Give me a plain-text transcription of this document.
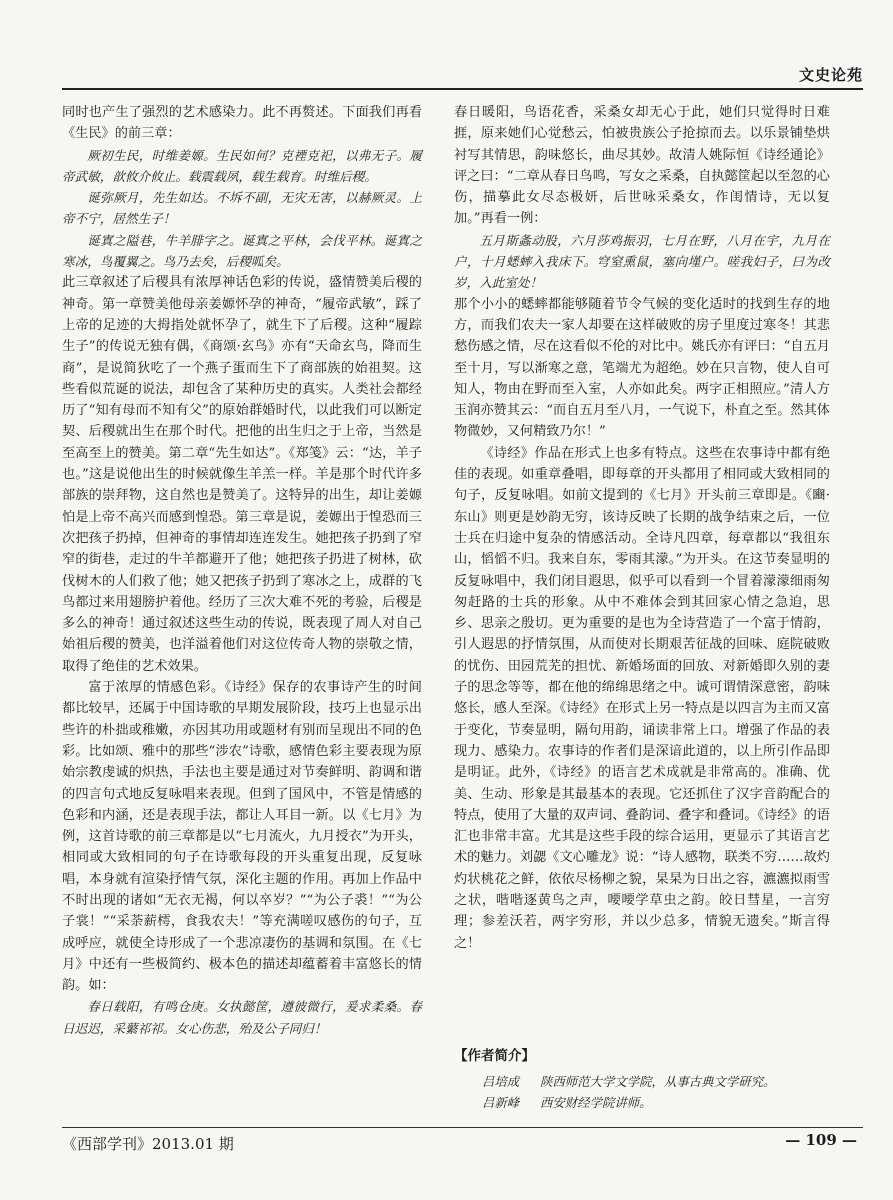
文史论苑

同时也产生了强烈的艺术感染力。此不再赘述。下面我们再看《生民》的前三章：

厥初生民，时维姜嫄。生民如何？克禋克祀，以弗无子。履帝武敏，歆攸介攸止。载震载夙，载生载育。时维后稷。

诞弥厥月，先生如达。不坼不副，无灾无害，以赫厥灵。上帝不宁，居然生子！

诞寘之隘巷，牛羊腓字之。诞寘之平林，会伐平林。诞寘之寒冰，鸟覆翼之。鸟乃去矣，后稷呱矣。

此三章叙述了后稷具有浓厚神话色彩的传说，盛情赞美后稷的神奇。第一章赞美他母亲姜嫄怀孕的神奇，“履帝武敏”，踩了上帝的足迹的大拇指处就怀孕了，就生下了后稷。这种“履踪生子”的传说无独有偶，《商颂·玄鸟》亦有“天命玄鸟，降而生商”，是说简狄吃了一个燕子蛋而生下了商部族的始祖契。这些看似荒诞的说法，却包含了某种历史的真实。人类社会都经历了“知有母而不知有父”的原始群婚时代，以此我们可以断定契、后稷就出生在那个时代。把他的出生归之于上帝，当然是至高至上的赞美。第二章“先生如达”。《郑笺》云：“达，羊子也。”这是说他出生的时候就像生羊羔一样。羊是那个时代许多部族的崇拜物，这自然也是赞美了。这特异的出生，却让姜嫄怕是上帝不高兴而感到惶恐。第三章是说，姜嫄出于惶恐而三次把孩子扔掉，但神奇的事情却连连发生。她把孩子扔到了窄窄的街巷，走过的牛羊都避开了他；她把孩子扔进了树林，砍伐树木的人们救了他；她又把孩子扔到了寒冰之上，成群的飞鸟都过来用翅膀护着他。经历了三次大难不死的考验，后稷是多么的神奇！通过叙述这些生动的传说，既表现了周人对自己始祖后稷的赞美，也洋溢着他们对这位传奇人物的崇敬之情，取得了绝佳的艺术效果。

富于浓厚的情感色彩。《诗经》保存的农事诗产生的时间都比较早，还属于中国诗歌的早期发展阶段，技巧上也显示出些许的朴拙或稚嫩，亦因其功用或题材有别而呈现出不同的色彩。比如颂、雅中的那些“涉农”诗歌，感情色彩主要表现为原始宗教虔诚的炽热，手法也主要是通过对节奏鲜明、韵调和谐的四言句式地反复咏唱来表现。但到了国风中，不管是情感的色彩和内涵，还是表现手法，都让人耳目一新。以《七月》为例，这首诗歌的前三章都是以“七月流火，九月授衣”为开头，相同或大致相同的句子在诗歌每段的开头重复出现，反复咏唱，本身就有渲染抒情气氛，深化主题的作用。再加上作品中不时出现的诸如“无衣无褐，何以卒岁？”“为公子裘！”“为公子裳！”“采荼薪樗，食我农夫！”等充满嗟叹感伤的句子，互成呼应，就使全诗形成了一个悲凉凄伤的基调和氛围。在《七月》中还有一些极简约、极本色的描述却蕴蓄着丰富悠长的情韵。如：

春日载阳，有鸣仓庚。女执懿筐，遵彼微行，爰求柔桑。春日迟迟，采蘩祁祁。女心伤悲，殆及公子同归！

春日暖阳，鸟语花香，采桑女却无心于此，她们只觉得时日难捱，原来她们心觉愁云，怕被贵族公子抢掠而去。以乐景铺垫烘衬写其情思，韵味悠长，曲尽其妙。故清人姚际恒《诗经通论》评之曰：“二章从春日鸟鸣，写女之采桑，自执懿筐起以至忽的心伤，描摹此女尽态极妍，后世咏采桑女，作闺情诗，无以复加。”再看一例：

五月斯螽动股，六月莎鸡振羽，七月在野，八月在宇，九月在户，十月蟋蟀入我床下。穹窒熏鼠，塞向墐户。嗟我妇子，曰为改岁，入此室处！

那个小小的蟋蟀都能够随着节令气候的变化适时的找到生存的地方，而我们农夫一家人却要在这样破败的房子里度过寒冬！其悲愁伤感之情，尽在这看似不伦的对比中。姚氏亦有评曰：“自五月至十月，写以渐寒之意，笔端尤为超绝。妙在只言物，使人自可知人，物由在野而至入室，人亦如此矣。两字正相照应。”清人方玉润亦赞其云：“而自五月至八月，一气说下，朴直之至。然其体物微妙，又何精致乃尔！”

《诗经》作品在形式上也多有特点。这些在农事诗中都有绝佳的表现。如重章叠唱，即每章的开头都用了相同或大致相同的句子，反复咏唱。如前文提到的《七月》开头前三章即是。《豳·东山》则更是妙韵无穷，该诗反映了长期的战争结束之后，一位士兵在归途中复杂的情感活动。全诗凡四章，每章都以“我徂东山，慆慆不归。我来自东，零雨其濛。”为开头。在这节奏显明的反复咏唱中，我们闭目遐思，似乎可以看到一个冒着濛濛细雨匆匆赶路的士兵的形象。从中不难体会到其回家心情之急迫，思乡、思亲之殷切。更为重要的是也为全诗营造了一个富于情韵，引人遐思的抒情氛围，从而使对长期艰苦征战的回味、庭院破败的忧伤、田园荒芜的担忧、新婚场面的回放、对新婚即久别的妻子的思念等等，都在他的绵绵思绪之中。诚可谓情深意密，韵味悠长，感人至深。《诗经》在形式上另一特点是以四言为主而又富于变化，节奏显明，隔句用韵，诵读非常上口。增强了作品的表现力、感染力。农事诗的作者们是深谙此道的，以上所引作品即是明证。此外，《诗经》的语言艺术成就是非常高的。准确、优美、生动、形象是其最基本的表现。它还抓住了汉字音韵配合的特点，使用了大量的双声词、叠韵词、叠字和叠词。《诗经》的语汇也非常丰富。尤其是这些手段的综合运用，更显示了其语言艺术的魅力。刘勰《文心雕龙》说：“诗人感物，联类不穷……故灼灼状桃花之鲜，依依尽杨柳之貌，杲杲为日出之容，瀌瀌拟雨雪之状，喈喈逐黄鸟之声，喓喓学草虫之韵。皎日彗星，一言穷理；参差沃若，两字穷形，并以少总多，情貌无遗矣。”斯言得之！

【作者简介】
吕培成 陕西师范大学文学院，从事古典文学研究。
吕新峰 西安财经学院讲师。
《西部学刊》2013.01 期	— 109 —
